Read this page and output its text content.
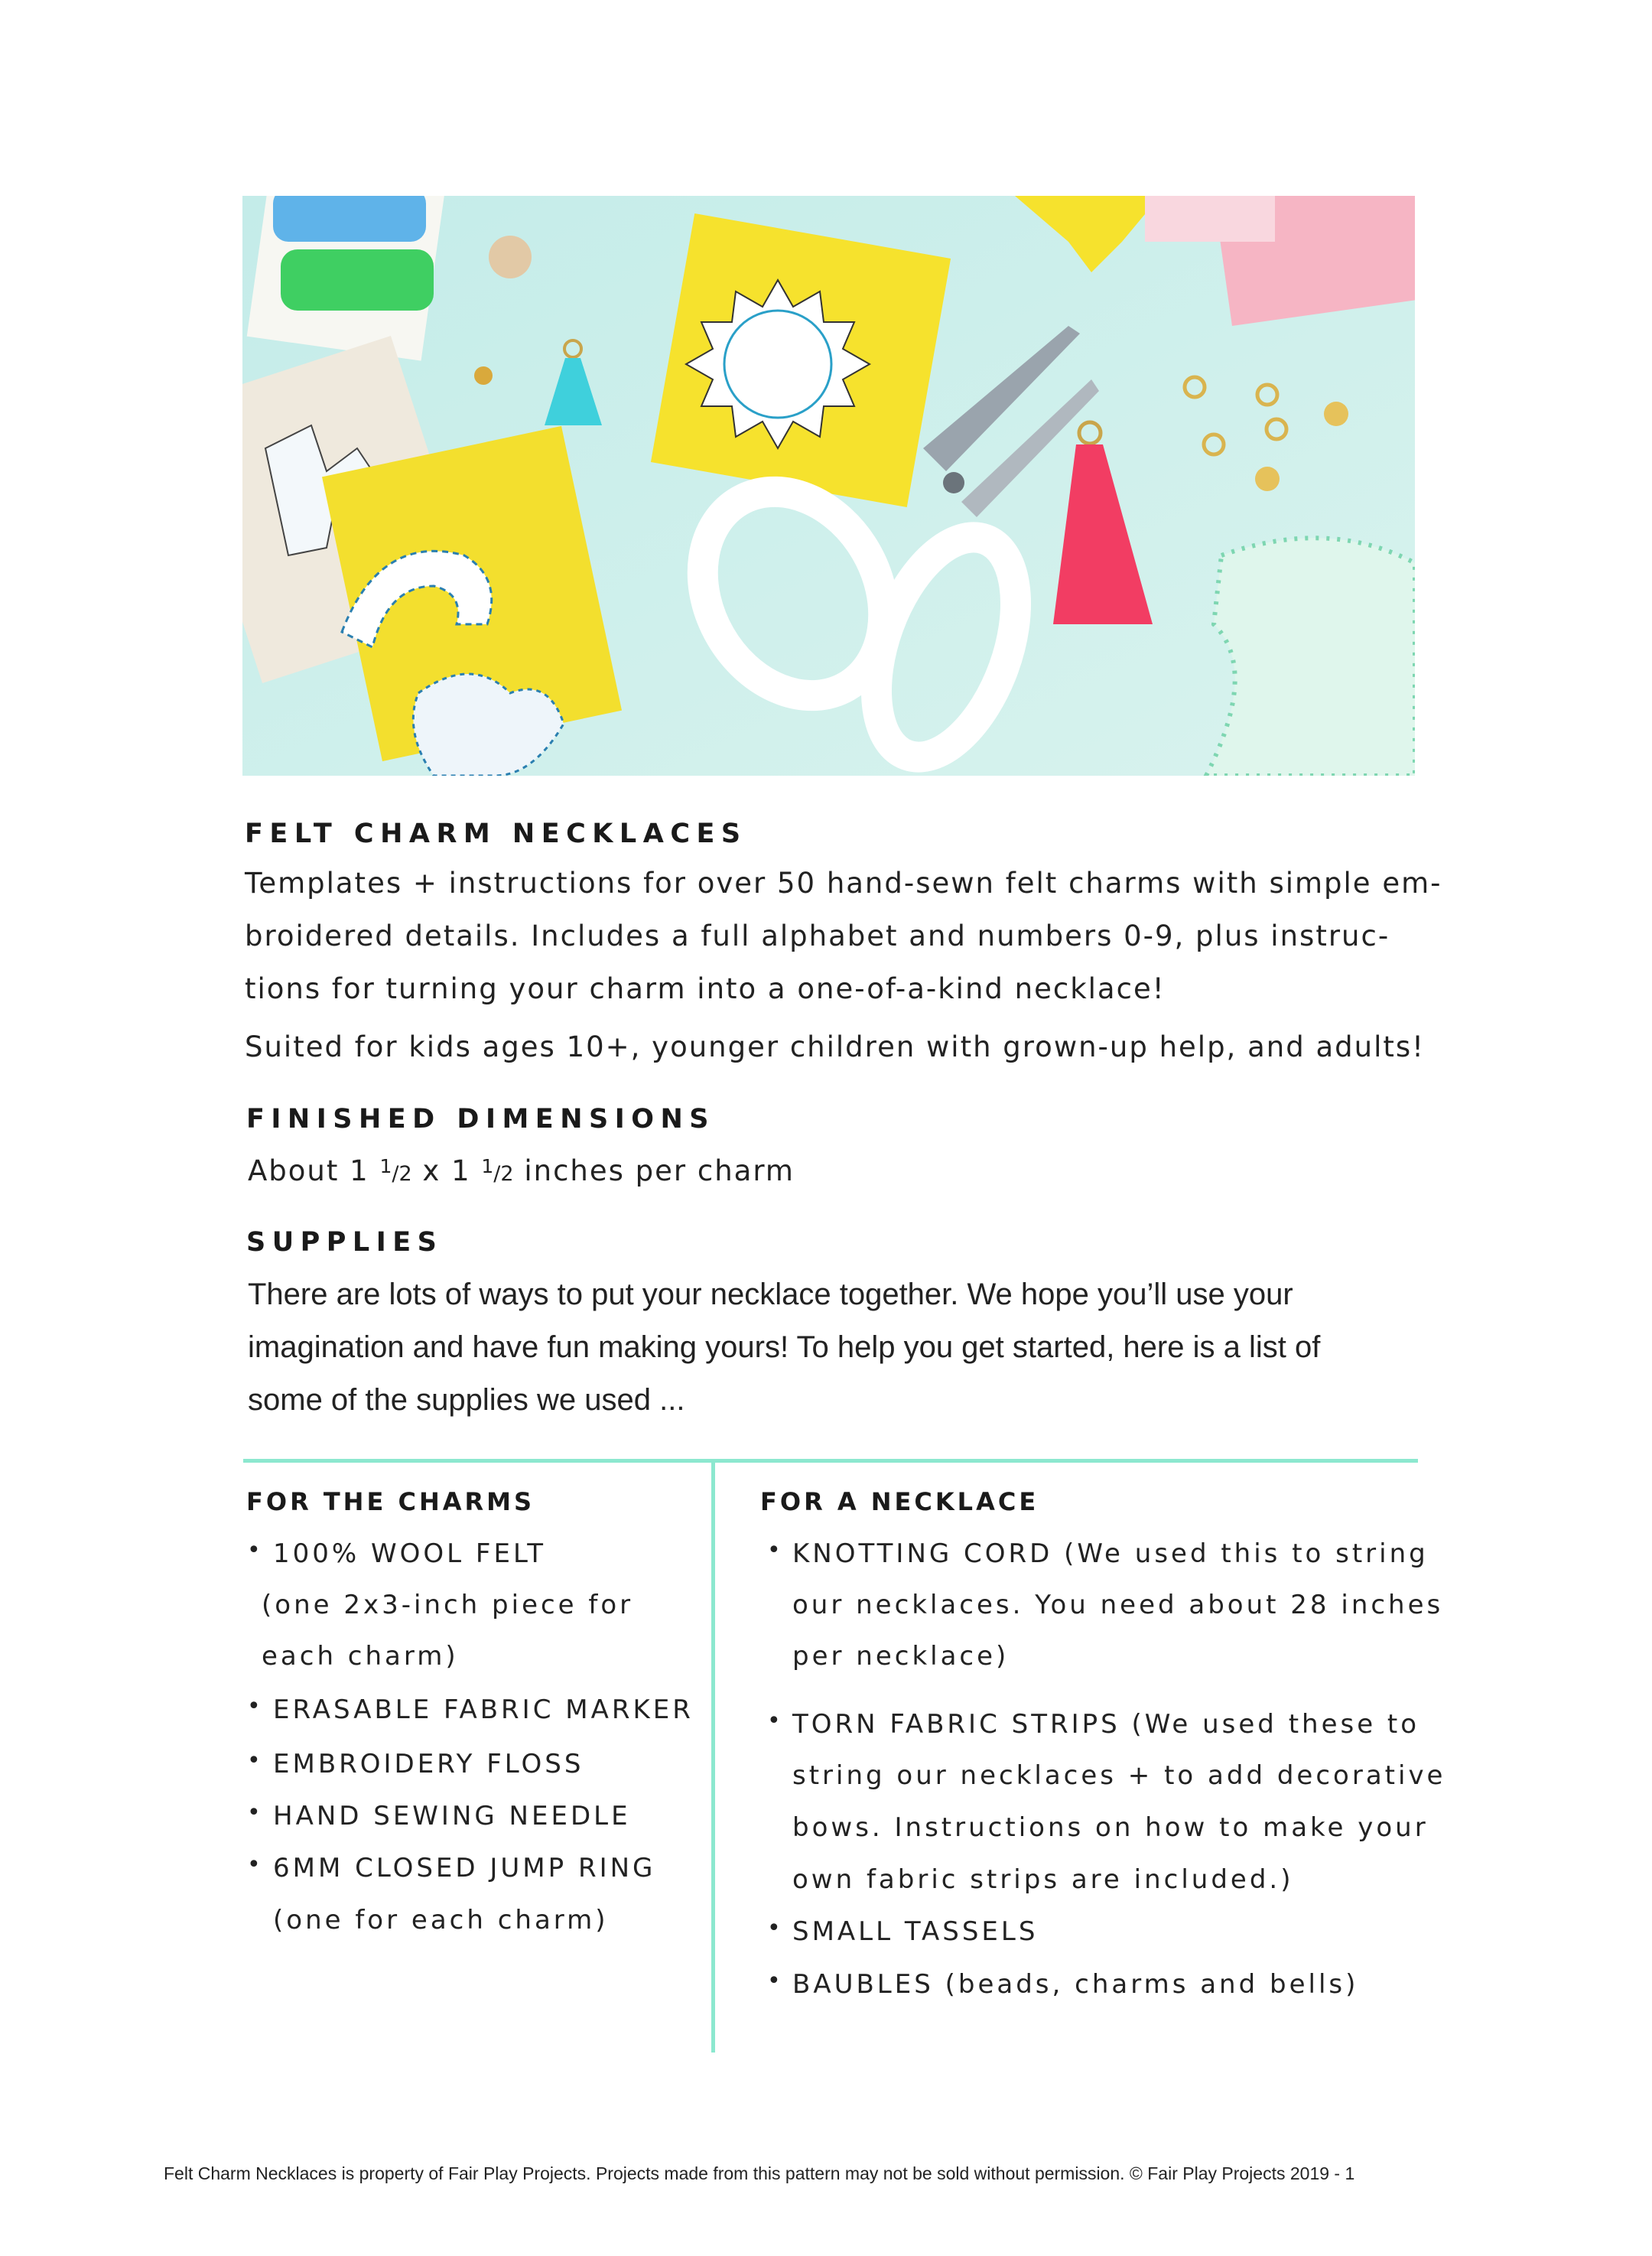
FELT CHARM NECKLACES

Templates + instructions for over 50 hand-sewn felt charms with simple em-

broidered details. Includes a full alphabet and numbers 0-9, plus instruc-

tions for turning your charm into a one-of-a-kind necklace!

Suited for kids ages 10+, younger children with grown-up help, and adults!

FINISHED DIMENSIONS

About 1 $^1$/2 x 1 $^1$/2 inches per charm

SUPPLIES

There are lots of ways to put your necklace together. We hope you’ll use your

imagination and have fun making yours! To help you get started, here is a list of

some of the supplies we used ...

FOR THE CHARMS
• 100% WOOL FELT

(one 2x3-inch piece for

each charm)

• ERASABLE FABRIC MARKER

• EMBROIDERY FLOSS

• HAND SEWING NEEDLE

• 6MM CLOSED JUMP RING

(one for each charm)

FOR A NECKLACE
• KNOTTING CORD (We used this to string

our necklaces. You need about 28 inches

per necklace)

• TORN FABRIC STRIPS (We used these to

string our necklaces + to add decorative

bows. Instructions on how to make your

own fabric strips are included.)

• SMALL TASSELS

• BAUBLES (beads, charms and bells)

Felt Charm Necklaces is property of Fair Play Projects. Projects made from this pattern may not be sold without permission. © Fair Play Projects 2019 - 1
